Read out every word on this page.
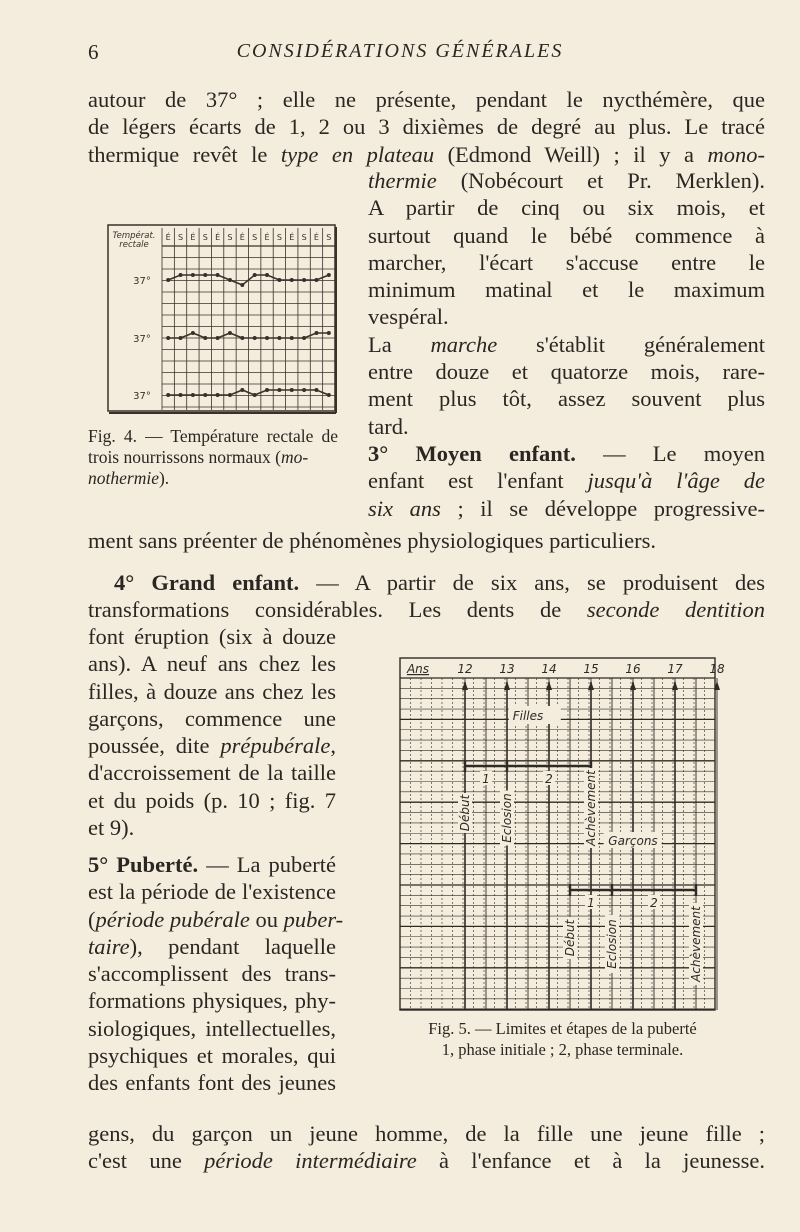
6	CONSIDÉRATIONS GÉNÉRALES
autour de 37° ; elle ne présente, pendant le nycthémère, que
de légers écarts de 1, 2 ou 3 dixièmes de degré au plus. Le tracé
thermique revêt le type en plateau (Edmond Weill) ; il y a mono-
thermie (Nobécourt et Pr. Merklen).
A partir de cinq ou six mois, et
surtout quand le bébé commence à
marcher, l'écart s'accuse entre le
minimum matinal et le maximum
vespéral.
La marche s'établit généralement
entre douze et quatorze mois, rare-
ment plus tôt, assez souvent plus
tard.
3° Moyen enfant. — Le moyen
enfant est l'enfant jusqu'à l'âge de
six ans ; il se développe progressive-
ment sans préenter de phénomènes physiologiques particuliers.
4° Grand enfant. — A partir de six ans, se produisent des
transformations considérables. Les dents de seconde dentition
font éruption (six à douze
ans). A neuf ans chez les
filles, à douze ans chez les
garçons, commence une
poussée, dite prépubérale,
d'accroissement de la taille
et du poids (p. 10 ; fig. 7
et 9).
5° Puberté. — La puberté
est la période de l'existence
(période pubérale ou puber-
taire), pendant laquelle
s'accomplissent des trans-
formations physiques, phy-
siologiques, intellectuelles,
psychiques et morales, qui
des enfants font des jeunes
gens, du garçon un jeune homme, de la fille une jeune fille ;
c'est une période intermédiaire à l'enfance et à la jeunesse.
Températ.
rectale
É S É S É S É S É S É S É S
37°
37°
37°
Fig. 4. — Température rectale de
trois nourrissons normaux (mo-
nothermie).
Ans 12 13 14 15 16 17 18
Filles
1	2
Début Eclosion	Achèvement Garçons
1	2
Début Eclosion	Achèvement
Fig. 5. — Limites et étapes de la puberté
1, phase initiale ; 2, phase terminale.
